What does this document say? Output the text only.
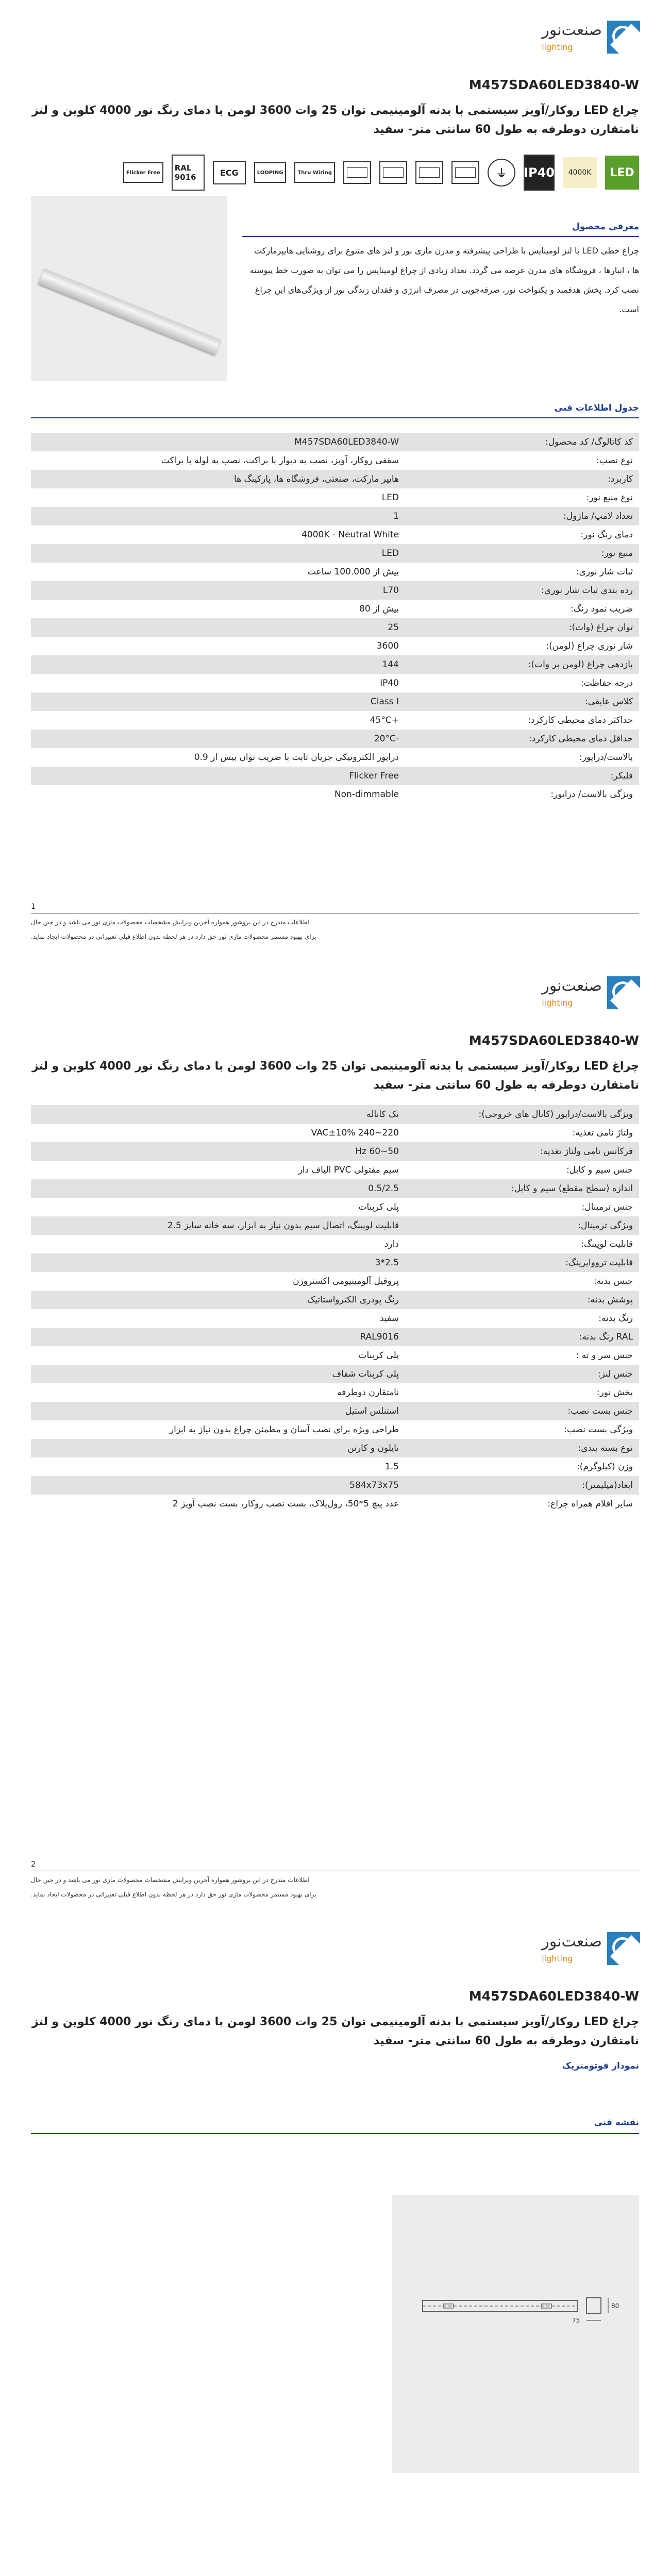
صنعت‌نور
lighting
M457SDA60LED3840-W
چراغ LED روکار/آویز سیستمی با بدنه آلومینیمی توان 25 وات 3600 لومن با دمای رنگ نور 4000 کلوین و لنز نامتقارن دوطرفه به طول 60 سانتی متر- سفید
LED
4000K
IP40
⏚
Thru Wiring
LOOPING
ECG
RAL 9016
Flicker Free
معرفی محصول
چراغ خطی LED با لنز لومینایس با طراحی پیشرفته و مدرن مازی نور و لنز های متنوع برای روشنایی هایپرمارکت ها ، انبارها ، فروشگاه های مدرن عرضه می گردد. تعداد زیادی از چراغ لومینایس را می توان به صورت خط پیوسته نصب کرد. پخش هدفمند و یکنواخت نور، صرفه‌جویی در مصرف انرژی و فقدان زندگی نور از ویژگی‌های این چراغ است.
جدول اطلاعات فنی
کد کاتالوگ/ کد محصول:	M457SDA60LED3840-W
نوع نصب:	سقفی روکار، آویز، نصب به دیوار با براکت، نصب به لوله با براکت
کاربرد:	هایپر مارکت، صنعتی، فروشگاه ها، پارکینگ ها
نوع منبع نور:	LED
تعداد لامپ/ ماژول:	1
دمای رنگ نور:	4000K - Neutral White
منبع نور:	LED
ثبات شار نوری:	بیش از 100.000 ساعت
رده بندی ثبات شار نوری:	L70
ضریب نمود رنگ:	بیش از 80
توان چراغ (وات):	25
شار نوری چراغ (لومن):	3600
بازدهی چراغ (لومن بر وات):	144
درجه حفاظت:	IP40
کلاس عایقی:	Class I
حداکثر دمای محیطی کارکرد:	+45°C
حداقل دمای محیطی کارکرد:	-20°C
بالاست/درایور:	درایور الکترونیکی جریان ثابت با ضریب توان بیش از 0.9
فلیکر:	Flicker Free
ویژگی بالاست/ درایور:	Non-dimmable
1
اطلاعات مندرج در این بروشور همواره آخرین ویرایش مشخصات محصولات مازی نور می باشد و در حین حال
برای بهبود مستمر محصولات مازی نور حق دارد در هر لحظه بدون اطلاع قبلی تغییراتی در محصولات ایجاد نماید.
صنعت‌نور
lighting
M457SDA60LED3840-W
چراغ LED روکار/آویز سیستمی با بدنه آلومینیمی توان 25 وات 3600 لومن با دمای رنگ نور 4000 کلوین و لنز نامتقارن دوطرفه به طول 60 سانتی متر- سفید
ویژگی بالاست/درایور (کانال های خروجی):	تک کاناله
ولتاژ نامی تغذیه:	220~240 VAC±10%
فرکانس نامی ولتاژ تغذیه:	50~60 Hz
جنس سیم و کابل:	سیم مفتولی PVC الیاف دار
اندازه (سطح مقطع) سیم و کابل:	0.5/2.5
جنس ترمینال:	پلی کربنات
ویژگی ترمینال:	قابلیت لوپینگ، اتصال سیم بدون نیاز به ابزار، سه خانه سایز 2.5
قابلیت لوپینگ:	دارد
قابلیت ترووایرینگ:	2.5*3
جنس بدنه:	پروفیل آلومینیومی اکستروژن
پوشش بدنه:	رنگ پودری الکترواستاتیک
رنگ بدنه:	سفید
RAL رنگ بدنه:	RAL9016
جنس سر و ته :	پلی کربنات
جنس لنز:	پلی کربنات شفاف
پخش نور:	نامتقارن دوطرفه
جنس بست نصب:	استنلس استیل
ویژگی بست نصب:	طراحی ویژه برای نصب آسان و مطمئن چراغ بدون نیاز به ابزار
نوع بسته بندی:	نایلون و کارتن
وزن (کیلوگرم):	1.5
ابعاد(میلیمتر):	584x73x75
سایر اقلام همراه چراغ:	عدد پیچ 5*50، رول‌پلاک، بست نصب روکار، بست نصب آویز 2
2
اطلاعات مندرج در این بروشور همواره آخرین ویرایش مشخصات محصولات مازی نور می باشد و در حین حال
برای بهبود مستمر محصولات مازی نور حق دارد در هر لحظه بدون اطلاع قبلی تغییراتی در محصولات ایجاد نماید.
صنعت‌نور
lighting
M457SDA60LED3840-W
چراغ LED روکار/آویز سیستمی با بدنه آلومینیمی توان 25 وات 3600 لومن با دمای رنگ نور 4000 کلوین و لنز نامتقارن دوطرفه به طول 60 سانتی متر- سفید
نمودار فوتومتریک
نقشه فنی
80
75
